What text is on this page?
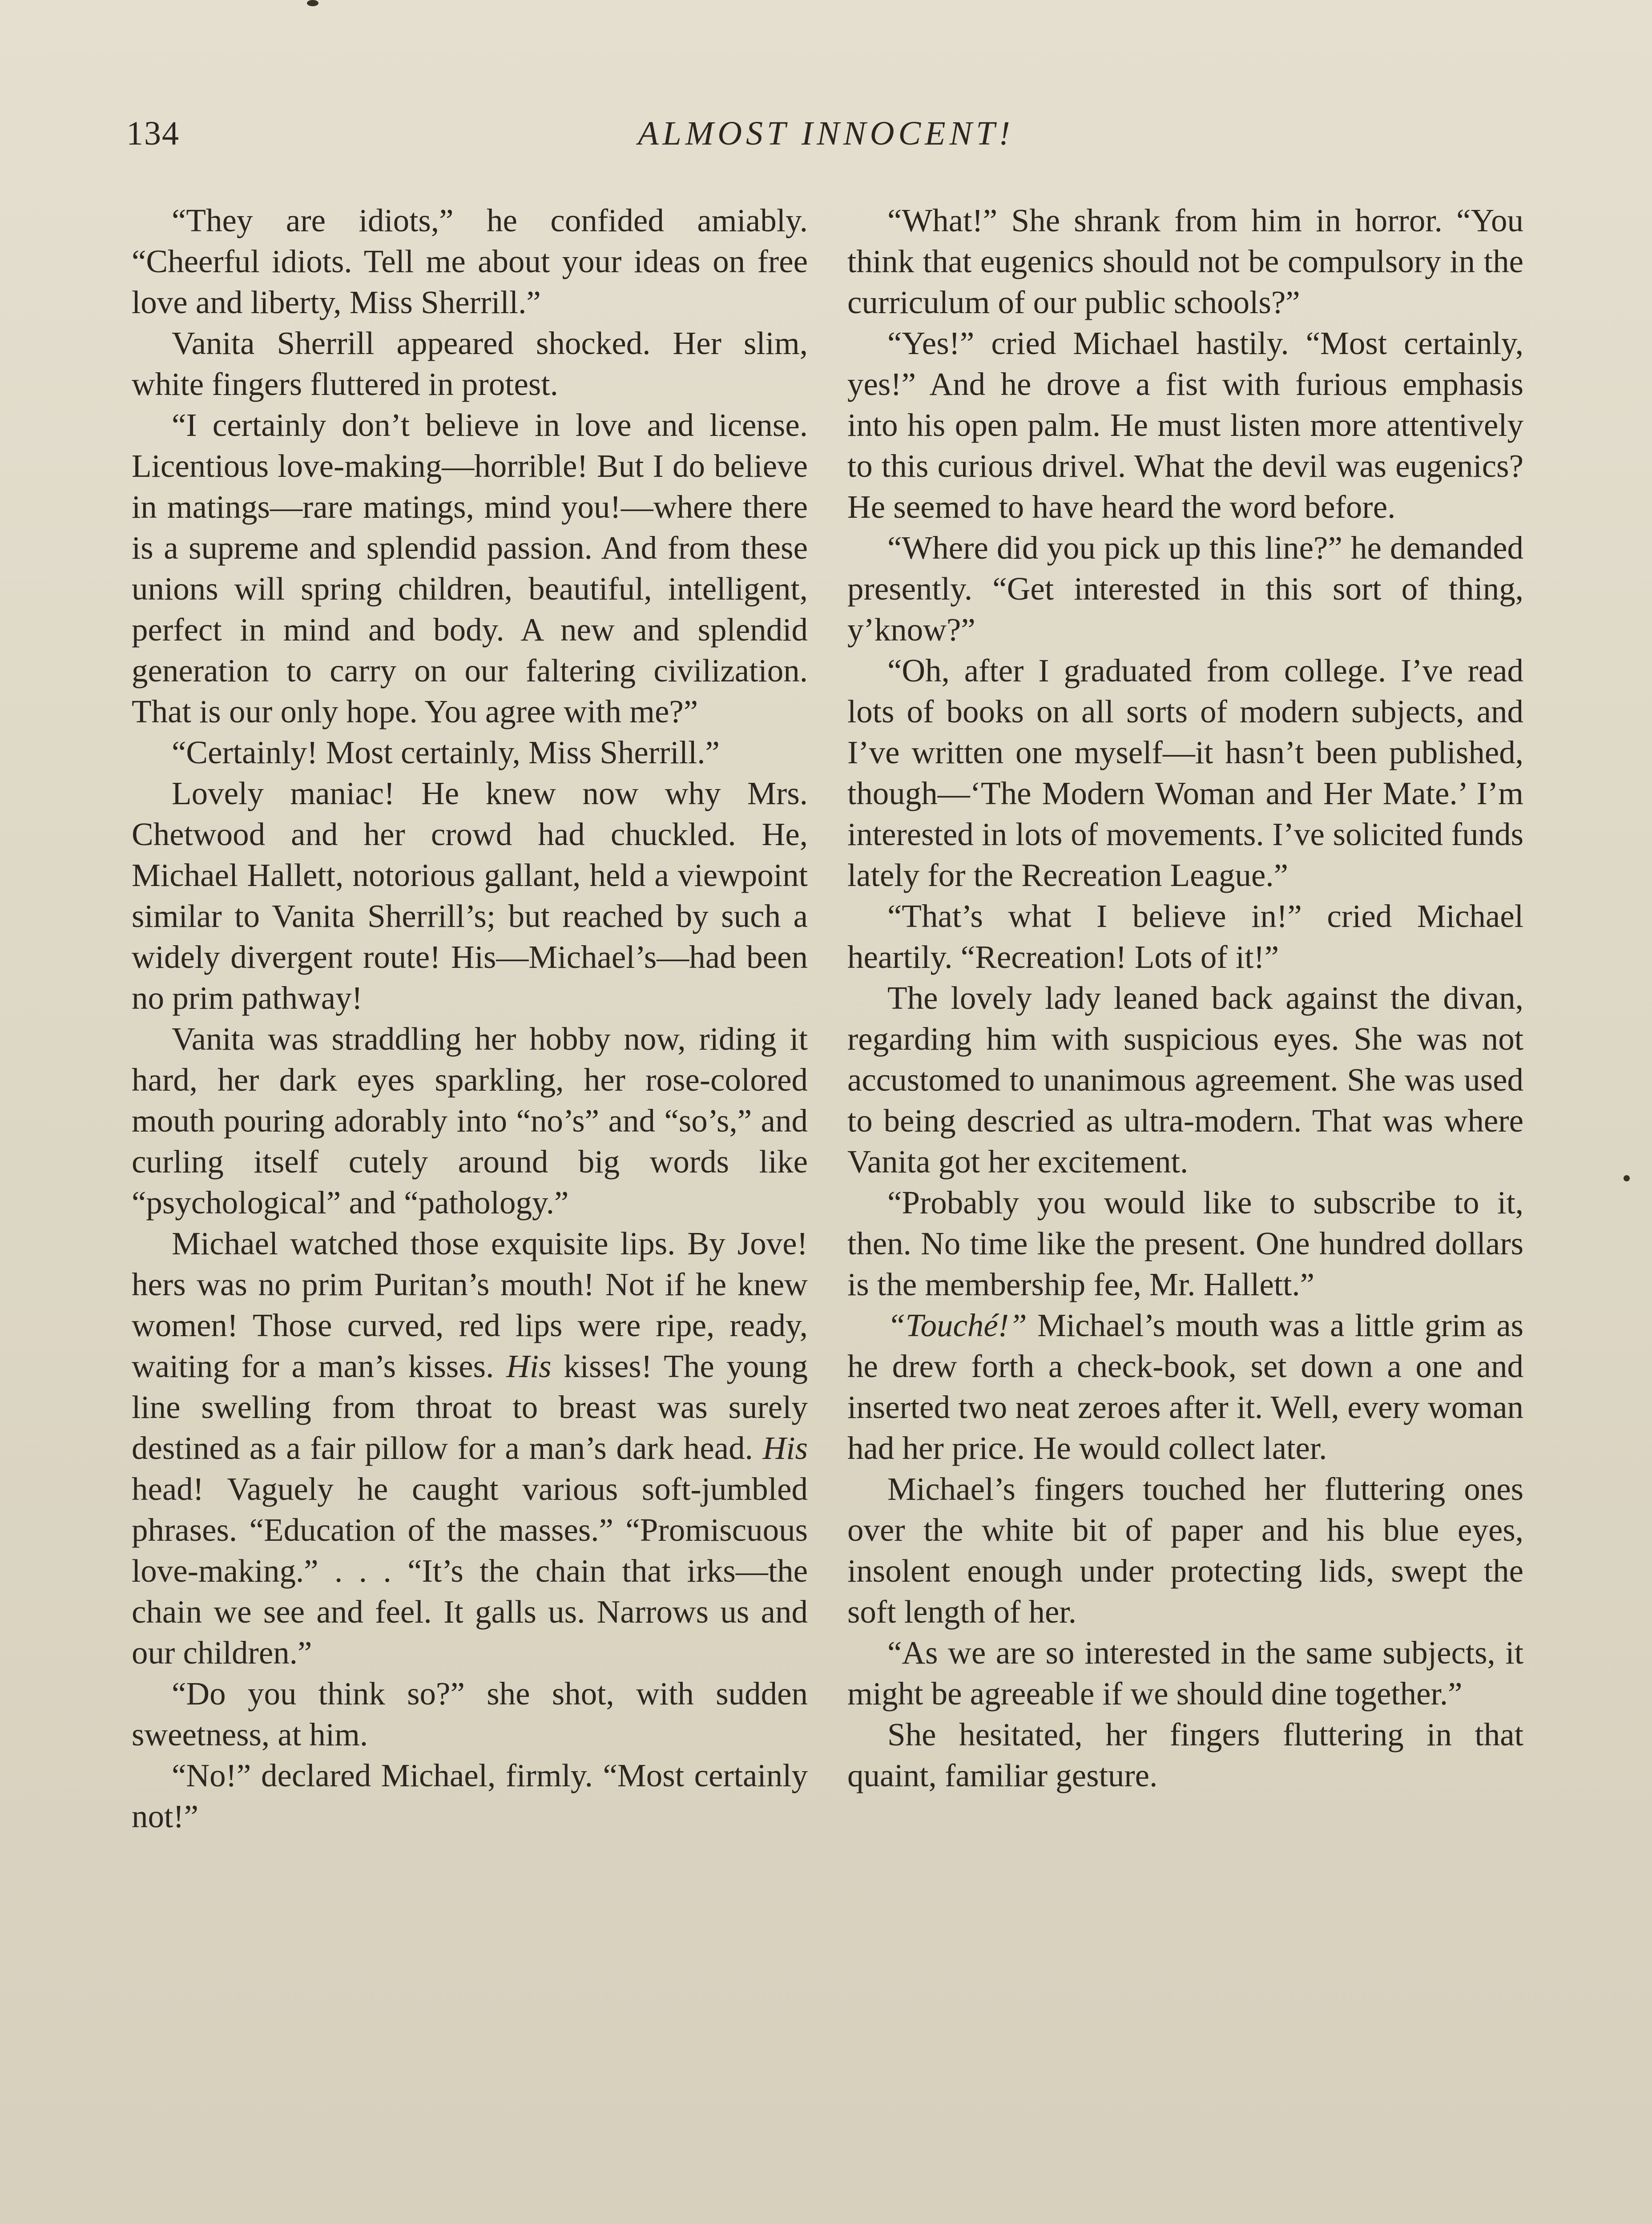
134	ALMOST INNOCENT!

“They are idiots,” he confided amiably. “Cheerful idiots. Tell me about your ideas on free love and liberty, Miss Sherrill.”

Vanita Sherrill appeared shocked. Her slim, white fingers fluttered in protest.

“I certainly don’t believe in love and license. Licentious love-making—horrible! But I do believe in matings—rare matings, mind you!—where there is a supreme and splendid passion. And from these unions will spring children, beautiful, intelligent, perfect in mind and body. A new and splendid generation to carry on our faltering civilization. That is our only hope. You agree with me?”

“Certainly! Most certainly, Miss Sherrill.”

Lovely maniac! He knew now why Mrs. Chetwood and her crowd had chuckled. He, Michael Hallett, notorious gallant, held a viewpoint similar to Vanita Sherrill’s; but reached by such a widely divergent route! His—Michael’s—had been no prim pathway!

Vanita was straddling her hobby now, riding it hard, her dark eyes sparkling, her rose-colored mouth pouring adorably into “no’s” and “so’s,” and curling itself cutely around big words like “psychological” and “pathology.”

Michael watched those exquisite lips. By Jove! hers was no prim Puritan’s mouth! Not if he knew women! Those curved, red lips were ripe, ready, waiting for a man’s kisses. His kisses! The young line swelling from throat to breast was surely destined as a fair pillow for a man’s dark head. His head! Vaguely he caught various soft-jumbled phrases. “Education of the masses.” “Promiscuous love-making.” . . . “It’s the chain that irks—the chain we see and feel. It galls us. Narrows us and our children.”

“Do you think so?” she shot, with sudden sweetness, at him.

“No!” declared Michael, firmly. “Most certainly not!”

“What!” She shrank from him in horror. “You think that eugenics should not be compulsory in the curriculum of our public schools?”

“Yes!” cried Michael hastily. “Most certainly, yes!” And he drove a fist with furious emphasis into his open palm. He must listen more attentively to this curious drivel. What the devil was eugenics? He seemed to have heard the word before.

“Where did you pick up this line?” he demanded presently. “Get interested in this sort of thing, y’know?”

“Oh, after I graduated from college. I’ve read lots of books on all sorts of modern subjects, and I’ve written one myself—it hasn’t been published, though—‘The Modern Woman and Her Mate.’ I’m interested in lots of movements. I’ve solicited funds lately for the Recreation League.”

“That’s what I believe in!” cried Michael heartily. “Recreation! Lots of it!”

The lovely lady leaned back against the divan, regarding him with suspicious eyes. She was not accustomed to unanimous agreement. She was used to being descried as ultra-modern. That was where Vanita got her excitement.

“Probably you would like to subscribe to it, then. No time like the present. One hundred dollars is the membership fee, Mr. Hallett.”

“Touché!” Michael’s mouth was a little grim as he drew forth a check-book, set down a one and inserted two neat zeroes after it. Well, every woman had her price. He would collect later.

Michael’s fingers touched her fluttering ones over the white bit of paper and his blue eyes, insolent enough under protecting lids, swept the soft length of her.

“As we are so interested in the same subjects, it might be agreeable if we should dine together.”

She hesitated, her fingers fluttering in that quaint, familiar gesture.
